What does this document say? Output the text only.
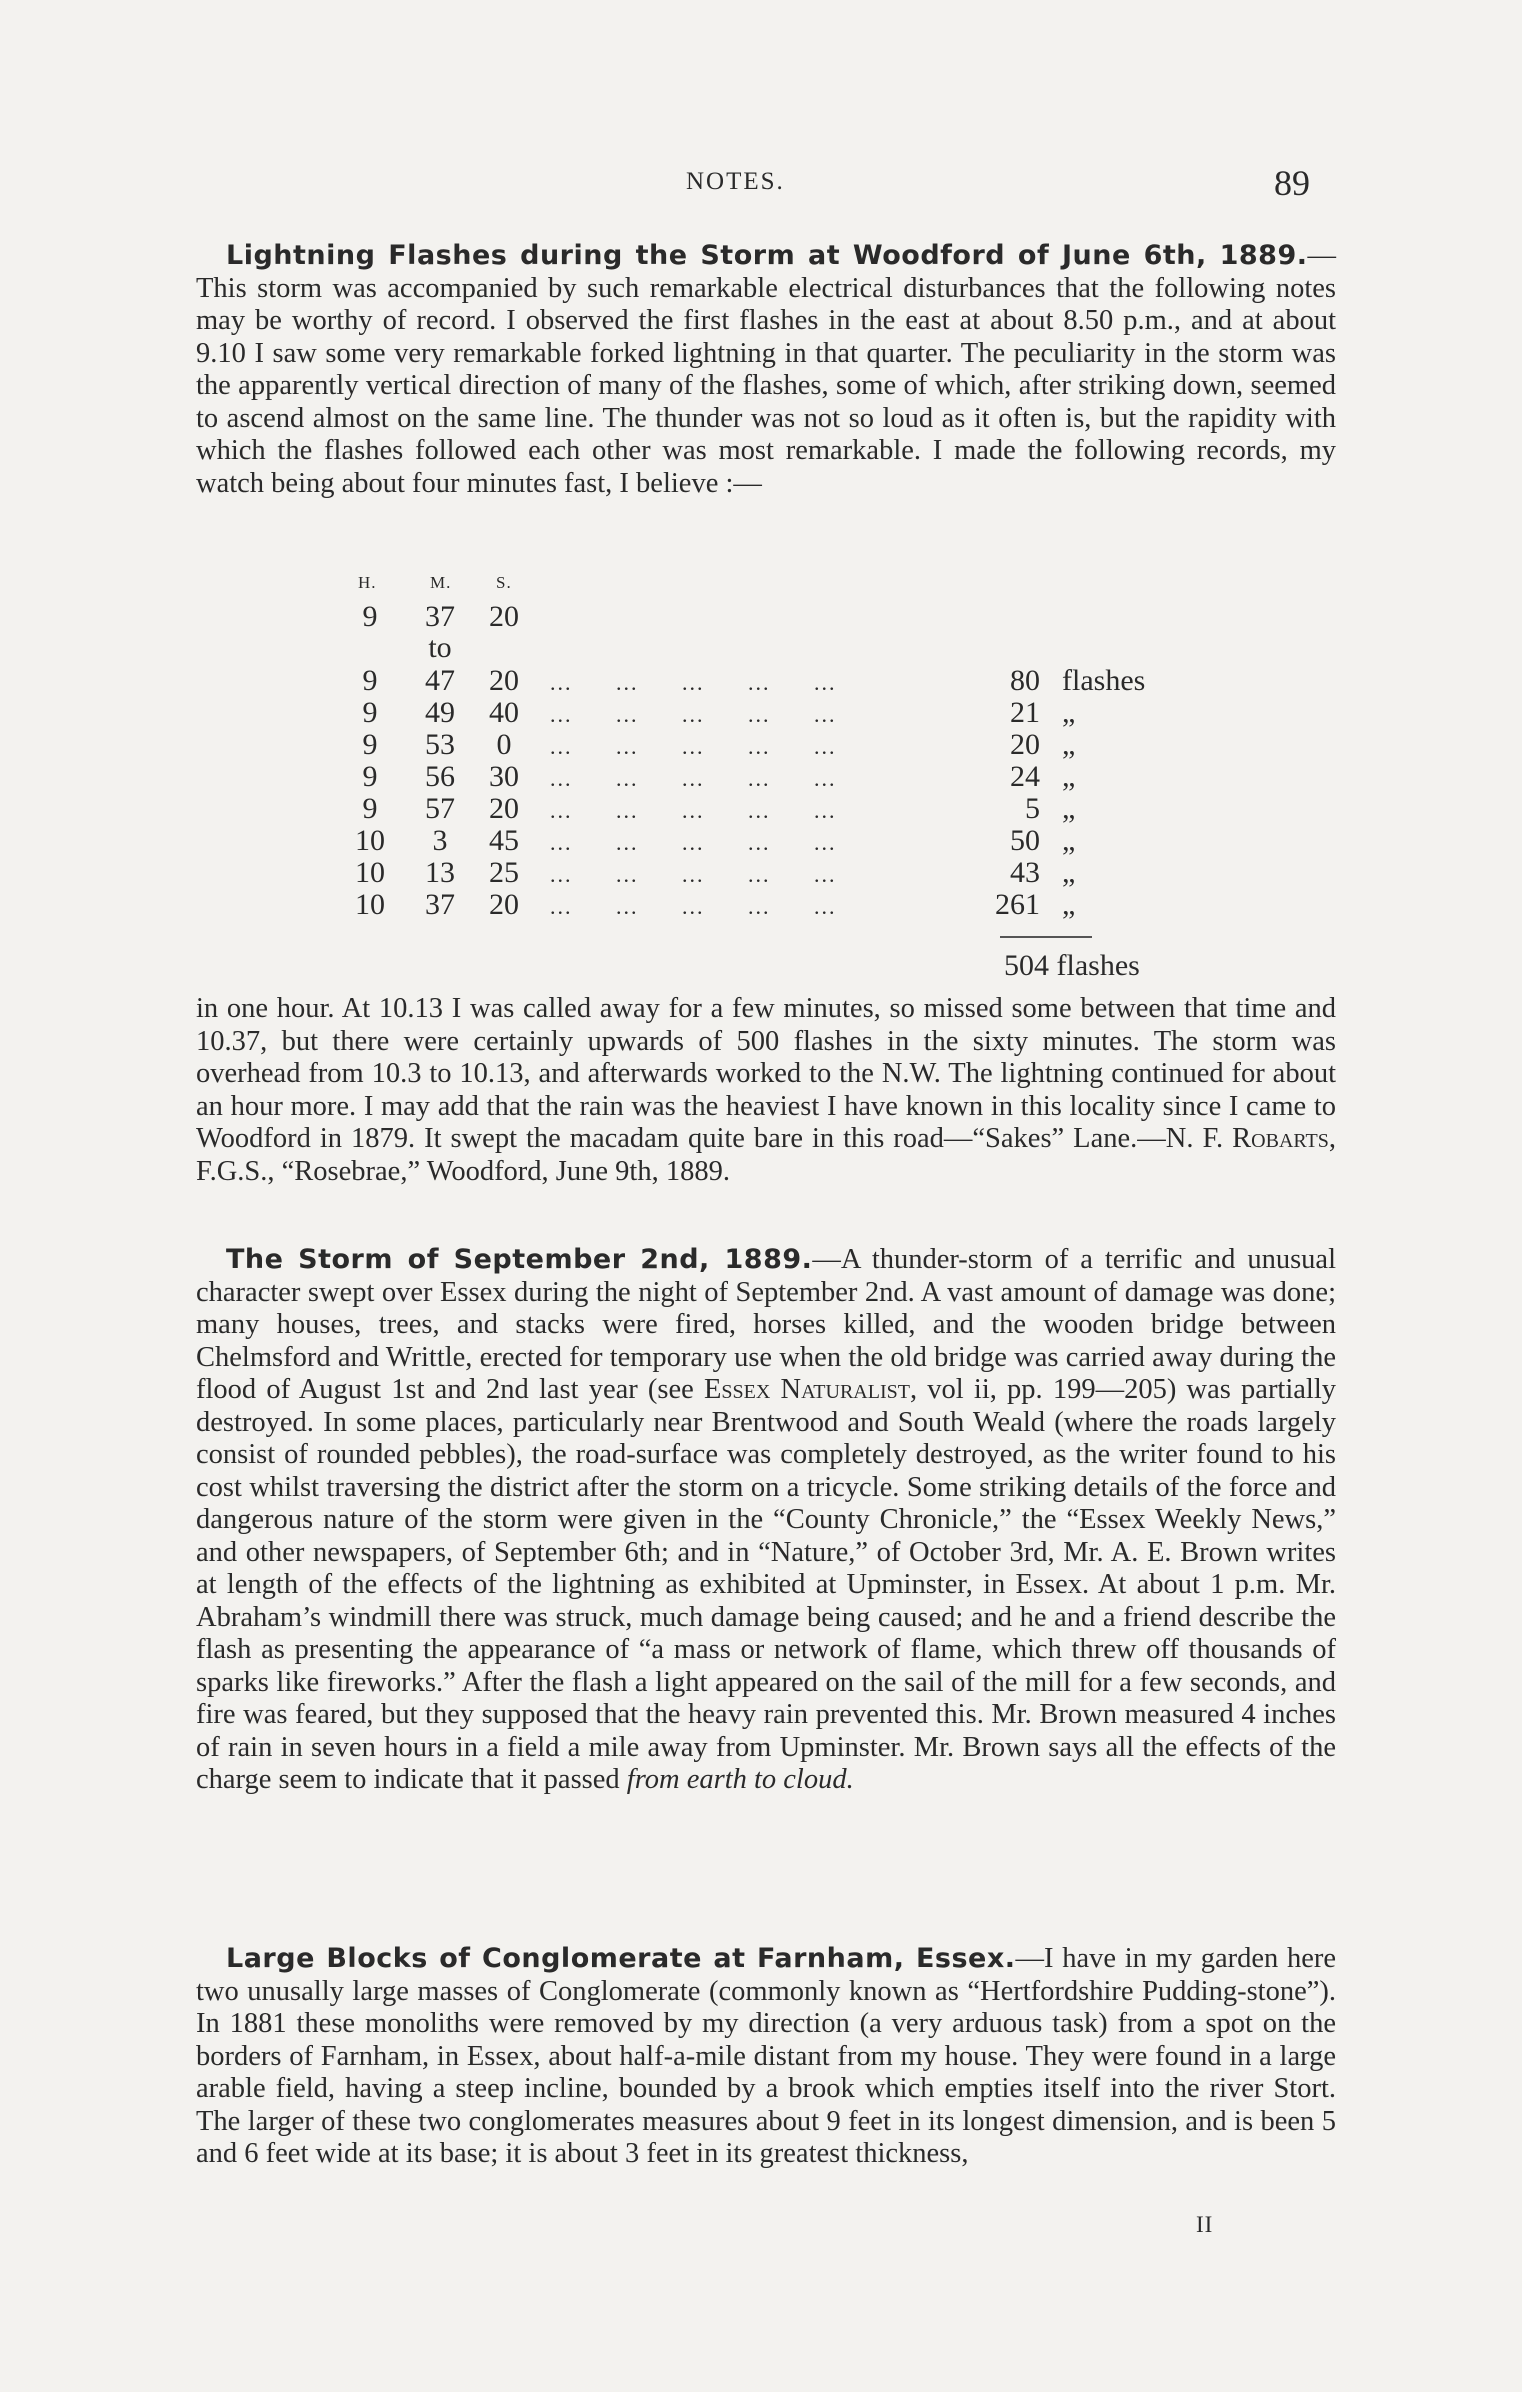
NOTES.	89
Lightning Flashes during the Storm at Woodford of June 6th, 1889.—This storm was accompanied by such remarkable electrical disturbances that the following notes may be worthy of record. I observed the first flashes in the east at about 8.50 p.m., and at about 9.10 I saw some very remarkable forked lightning in that quarter. The peculiarity in the storm was the apparently vertical direction of many of the flashes, some of which, after striking down, seemed to ascend almost on the same line. The thunder was not so loud as it often is, but the rapidity with which the flashes followed each other was most remarkable. I made the following records, my watch being about four minutes fast, I believe :—
H.	M.	S.
9	37 20
to
9	47 20 ... ... ... ... ...	80 flashes
9	49 40 ... ... ... ... ...	21 „
9	53	0	... ... ... ... ...	20 „
9	56 30 ... ... ... ... ...	24 „
9	57 20 ... ... ... ... ...	5 „
10	3	45 ... ... ... ... ...	50 „
10 13 25 ... ... ... ... ...	43 „
10 37 20 ... ... ... ... ...	261 „
504 flashes
in one hour. At 10.13 I was called away for a few minutes, so missed some between that time and 10.37, but there were certainly upwards of 500 flashes in the sixty minutes. The storm was overhead from 10.3 to 10.13, and afterwards worked to the N.W. The lightning continued for about an hour more. I may add that the rain was the heaviest I have known in this locality since I came to Woodford in 1879. It swept the macadam quite bare in this road—“Sakes” Lane.—N. F. Robarts, F.G.S., “Rosebrae,” Woodford, June 9th, 1889.
The Storm of September 2nd, 1889.—A thunder-storm of a terrific and unusual character swept over Essex during the night of September 2nd. A vast amount of damage was done; many houses, trees, and stacks were fired, horses killed, and the wooden bridge between Chelmsford and Writtle, erected for temporary use when the old bridge was carried away during the flood of August 1st and 2nd last year (see Essex Naturalist, vol ii, pp. 199—205) was partially destroyed. In some places, particularly near Brentwood and South Weald (where the roads largely consist of rounded pebbles), the road-surface was completely destroyed, as the writer found to his cost whilst traversing the district after the storm on a tricycle. Some striking details of the force and dangerous nature of the storm were given in the “County Chronicle,” the “Essex Weekly News,” and other newspapers, of September 6th; and in “Nature,” of October 3rd, Mr. A. E. Brown writes at length of the effects of the lightning as exhibited at Upminster, in Essex. At about 1 p.m. Mr. Abraham’s windmill there was struck, much damage being caused; and he and a friend describe the flash as presenting the appearance of “a mass or network of flame, which threw off thousands of sparks like fireworks.” After the flash a light appeared on the sail of the mill for a few seconds, and fire was feared, but they supposed that the heavy rain prevented this. Mr. Brown measured 4 inches of rain in seven hours in a field a mile away from Upminster. Mr. Brown says all the effects of the charge seem to indicate that it passed from earth to cloud.
Large Blocks of Conglomerate at Farnham, Essex.—I have in my garden here two unusally large masses of Conglomerate (commonly known as “Hertfordshire Pudding-stone”). In 1881 these monoliths were removed by my direction (a very arduous task) from a spot on the borders of Farnham, in Essex, about half-a-mile distant from my house. They were found in a large arable field, having a steep incline, bounded by a brook which empties itself into the river Stort. The larger of these two conglomerates measures about 9 feet in its longest dimension, and is been 5 and 6 feet wide at its base; it is about 3 feet in its greatest thickness,
II
